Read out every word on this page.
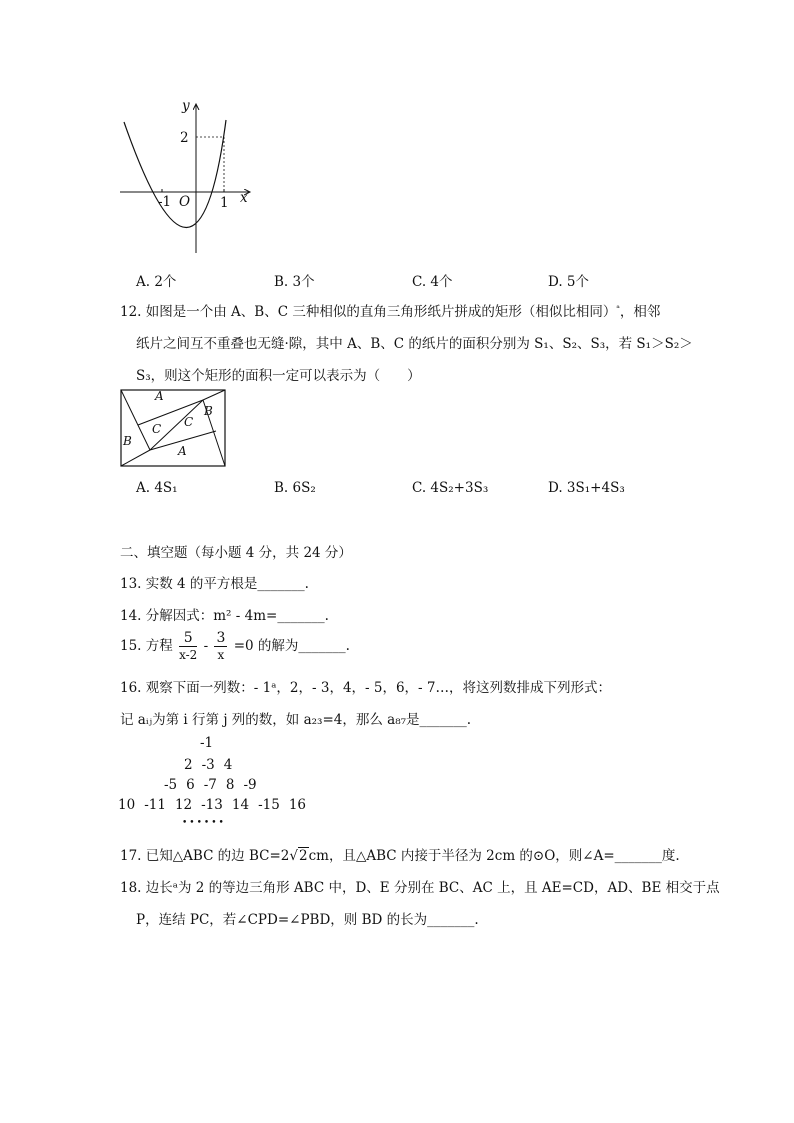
y
2
-1 O 1 x
A. 2个	B. 3个	C. 4个	D. 5个
12. 如图是一个由 A、B、C 三种相似的直角三角形纸片拼成的矩形（相似比相同）$^ᵃ$，相邻
纸片之间互不重叠也无缝·隙，其中 A、B、C 的纸片的面积分别为 S₁、S₂、S₃，若 S₁＞S₂＞
S₃，则这个矩形的面积一定可以表示为（　　）
A
B
C C
B
A
A. 4S₁	B. 6S₂	C. 4S₂+3S₃	D. 3S₁+4S₃
二、填空题（每小题 4 分，共 24 分）
13. 实数 4 的平方根是_______.
14. 分解因式：m² - 4m=_______.
15. 方程 $\frac{5}{x-2} - \frac{3}{x} =0$ 的解为_______.
16. 观察下面一列数：- 1ᵃ，2，- 3，4，- 5，6，- 7…，将这列数排成下列形式：
记 aᵢⱼ为第 i 行第 j 列的数，如 a₂₃=4，那么 a₈₇是_______.
-1
2 -3 4
-5 6 -7 8 -9
10 -11 12 -13 14 -15 16
••••••
17. 已知△ABC 的边 BC=2√2cm，且△ABC 内接于半径为 2cm 的⊙O，则∠A=_______度.
18. 边长ᵃ为 2 的等边三角形 ABC 中，D、E 分别在 BC、AC 上，且 AE=CD，AD、BE 相交于点
P，连结 PC，若∠CPD=∠PBD，则 BD 的长为_______.
